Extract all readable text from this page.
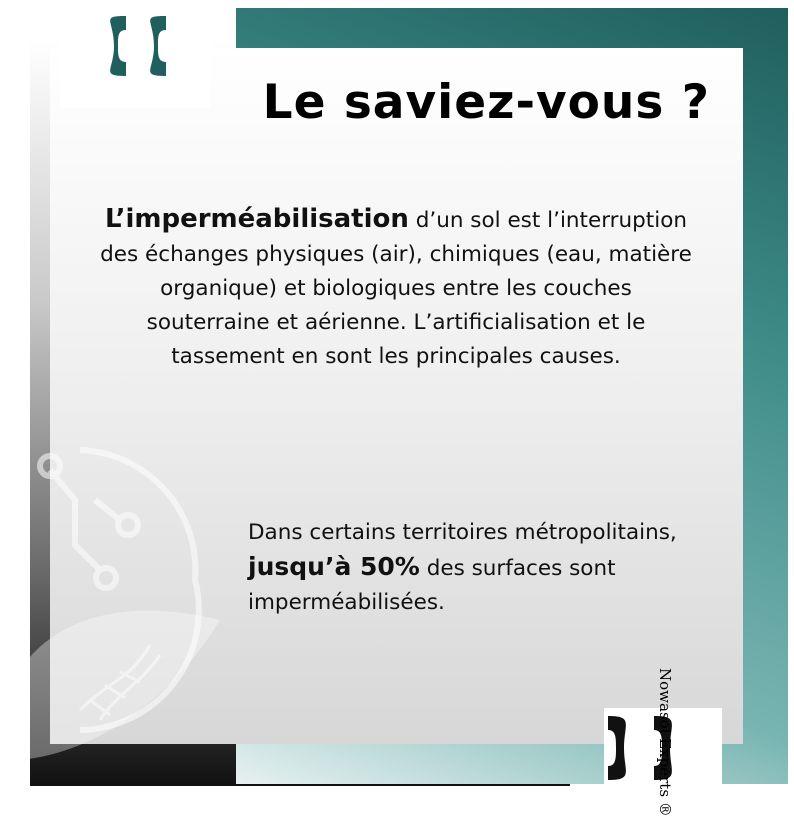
Le saviez-vous ?

L’imperméabilisation d’un sol est l’interruption des échanges physiques (air), chimiques (eau, matière organique) et biologiques entre les couches souterraine et aérienne. L’artificialisation et le tassement en sont les principales causes.

Dans certains territoires métropolitains, jusqu’à 50% des surfaces sont imperméabilisées.

Nowasol Experts ®
